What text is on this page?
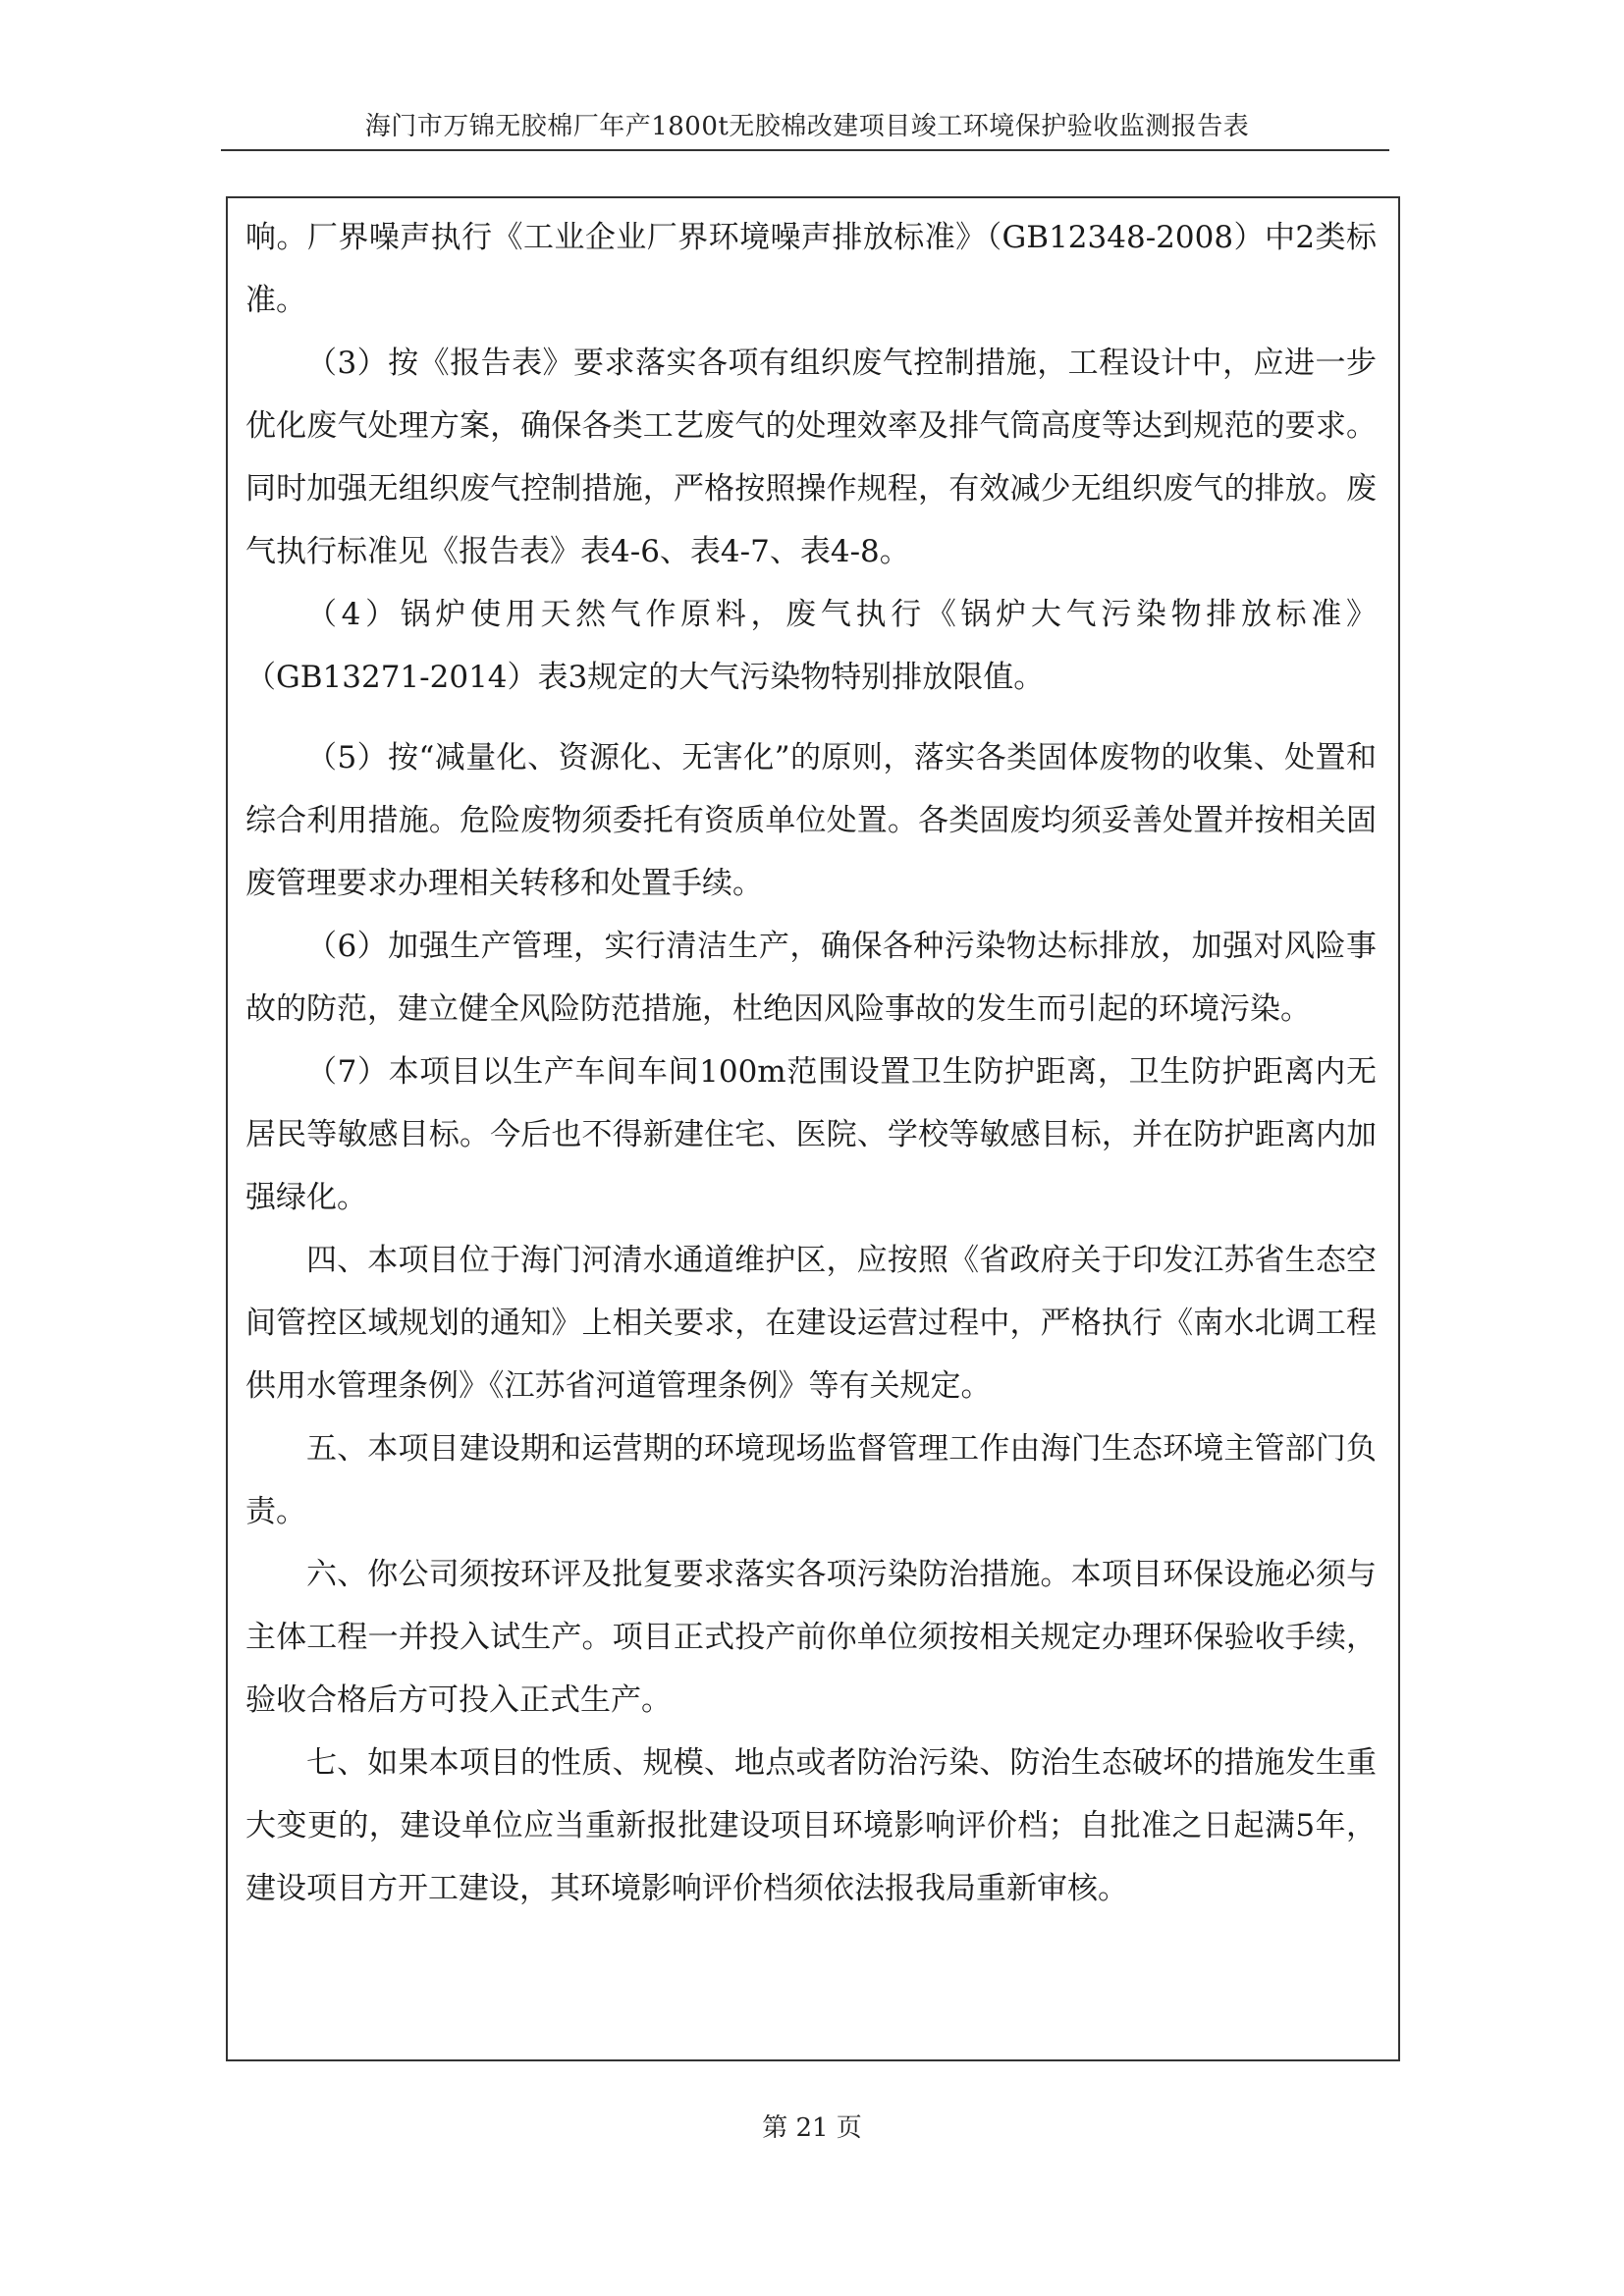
海门市万锦无胶棉厂年产1800t无胶棉改建项目竣工环境保护验收监测报告表

响。厂界噪声执行《工业企业厂界环境噪声排放标准》（GB12348-2008）中2类标准。

（3）按《报告表》要求落实各项有组织废气控制措施，工程设计中，应进一步优化废气处理方案，确保各类工艺废气的处理效率及排气筒高度等达到规范的要求。同时加强无组织废气控制措施，严格按照操作规程，有效减少无组织废气的排放。废气执行标准见《报告表》表4-6、表4-7、表4-8。

（4）锅炉使用天然气作原料，废气执行《锅炉大气污染物排放标准》（GB13271-2014）表3规定的大气污染物特别排放限值。

（5）按“减量化、资源化、无害化”的原则，落实各类固体废物的收集、处置和综合利用措施。危险废物须委托有资质单位处置。各类固废均须妥善处置并按相关固废管理要求办理相关转移和处置手续。

（6）加强生产管理，实行清洁生产，确保各种污染物达标排放，加强对风险事故的防范，建立健全风险防范措施，杜绝因风险事故的发生而引起的环境污染。

（7）本项目以生产车间车间100m范围设置卫生防护距离，卫生防护距离内无居民等敏感目标。今后也不得新建住宅、医院、学校等敏感目标，并在防护距离内加强绿化。

四、本项目位于海门河清水通道维护区，应按照《省政府关于印发江苏省生态空间管控区域规划的通知》上相关要求，在建设运营过程中，严格执行《南水北调工程供用水管理条例》《江苏省河道管理条例》等有关规定。

五、本项目建设期和运营期的环境现场监督管理工作由海门生态环境主管部门负责。

六、你公司须按环评及批复要求落实各项污染防治措施。本项目环保设施必须与主体工程一并投入试生产。项目正式投产前你单位须按相关规定办理环保验收手续，验收合格后方可投入正式生产。

七、如果本项目的性质、规模、地点或者防治污染、防治生态破坏的措施发生重大变更的，建设单位应当重新报批建设项目环境影响评价档；自批准之日起满5年，建设项目方开工建设，其环境影响评价档须依法报我局重新审核。

第 21 页
